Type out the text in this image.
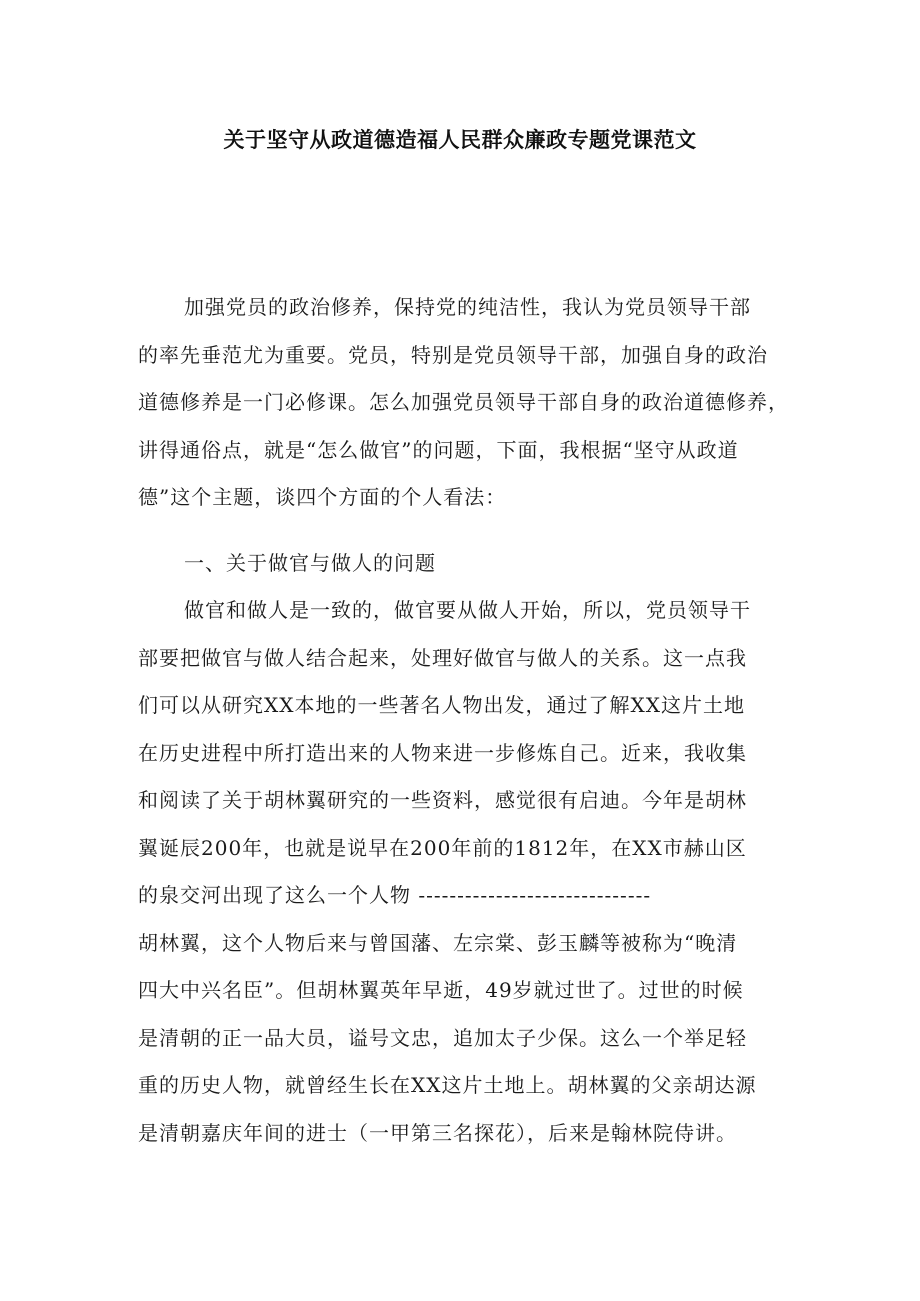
关于坚守从政道德造福人民群众廉政专题党课范文
加强党员的政治修养，保持党的纯洁性，我认为党员领导干部
的率先垂范尤为重要。党员，特别是党员领导干部，加强自身的政治
道德修养是一门必修课。怎么加强党员领导干部自身的政治道德修养，
讲得通俗点，就是“怎么做官”的问题，下面，我根据“坚守从政道
德”这个主题，谈四个方面的个人看法：
一、关于做官与做人的问题
做官和做人是一致的，做官要从做人开始，所以，党员领导干
部要把做官与做人结合起来，处理好做官与做人的关系。这一点我
们可以从研究XX本地的一些著名人物出发，通过了解XX这片土地
在历史进程中所打造出来的人物来进一步修炼自己。近来，我收集
和阅读了关于胡林翼研究的一些资料，感觉很有启迪。今年是胡林
翼诞辰200年，也就是说早在200年前的1812年，在XX市赫山区
的泉交河出现了这么一个人物 ------------------------------
胡林翼，这个人物后来与曾国藩、左宗棠、彭玉麟等被称为“晚清
四大中兴名臣”。但胡林翼英年早逝，49岁就过世了。过世的时候
是清朝的正一品大员，谥号文忠，追加太子少保。这么一个举足轻
重的历史人物，就曾经生长在XX这片土地上。胡林翼的父亲胡达源
是清朝嘉庆年间的进士（一甲第三名探花），后来是翰林院侍讲。
